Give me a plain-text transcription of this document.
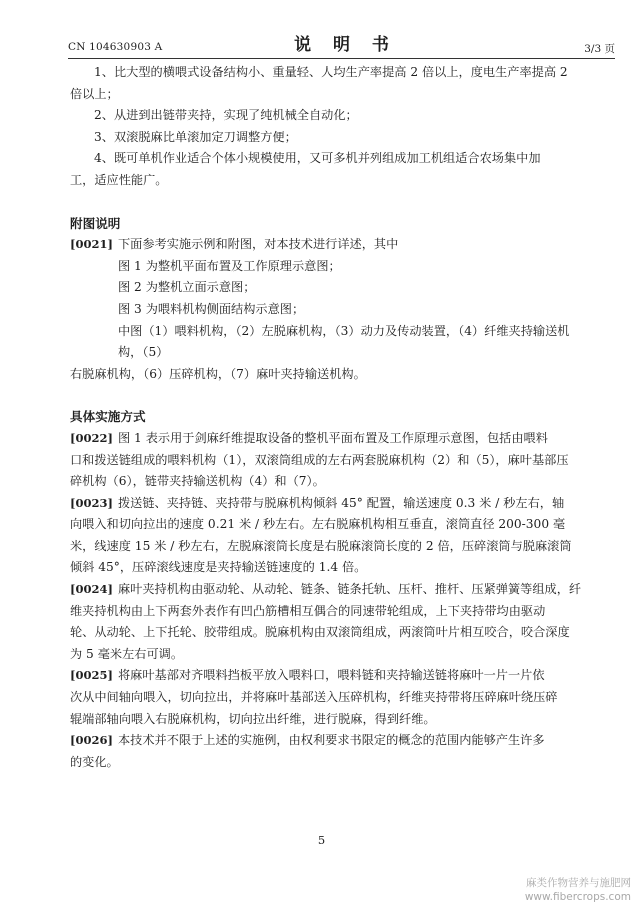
CN 104630903 A	说 明 书	3/3 页

1、比大型的横喂式设备结构小、重量轻、人均生产率提高 2 倍以上，度电生产率提高 2

倍以上；

2、从进到出链带夹持，实现了纯机械全自动化；

3、双滚脱麻比单滚加定刀调整方便；

4、既可单机作业适合个体小规模使用，又可多机并列组成加工机组适合农场集中加

工，适应性能广。

附图说明

[0021] 下面参考实施示例和附图，对本技术进行详述，其中

图 1 为整机平面布置及工作原理示意图；

图 2 为整机立面示意图；

图 3 为喂料机构侧面结构示意图；

中图（1）喂料机构，（2）左脱麻机构，（3）动力及传动装置，（4）纤维夹持输送机构，（5）

右脱麻机构，（6）压碎机构，（7）麻叶夹持输送机构。

具体实施方式

[0022] 图 1 表示用于剑麻纤维提取设备的整机平面布置及工作原理示意图，包括由喂料

口和拨送链组成的喂料机构（1），双滚筒组成的左右两套脱麻机构（2）和（5），麻叶基部压

碎机构（6），链带夹持输送机构（4）和（7）。

[0023] 拨送链、夹持链、夹持带与脱麻机构倾斜 45° 配置，输送速度 0.3 米 / 秒左右，轴

向喂入和切向拉出的速度 0.21 米 / 秒左右。左右脱麻机构相互垂直，滚筒直径 200-300 毫

米，线速度 15 米 / 秒左右，左脱麻滚筒长度是右脱麻滚筒长度的 2 倍，压碎滚筒与脱麻滚筒

倾斜 45°，压碎滚线速度是夹持输送链速度的 1.4 倍。

[0024] 麻叶夹持机构由驱动轮、从动轮、链条、链条托轨、压杆、推杆、压紧弹簧等组成，纤

维夹持机构由上下两套外表作有凹凸筋槽相互偶合的同速带轮组成，上下夹持带均由驱动

轮、从动轮、上下托轮、胶带组成。脱麻机构由双滚筒组成，两滚筒叶片相互咬合，咬合深度

为 5 毫米左右可调。

[0025] 将麻叶基部对齐喂料挡板平放入喂料口，喂料链和夹持输送链将麻叶一片一片依

次从中间轴向喂入，切向拉出，并将麻叶基部送入压碎机构，纤维夹持带将压碎麻叶绕压碎

辊端部轴向喂入右脱麻机构，切向拉出纤维，进行脱麻，得到纤维。

[0026] 本技术并不限于上述的实施例，由权利要求书限定的概念的范围内能够产生许多

的变化。

5
麻类作物营养与施肥网
www.fibercrops.com
